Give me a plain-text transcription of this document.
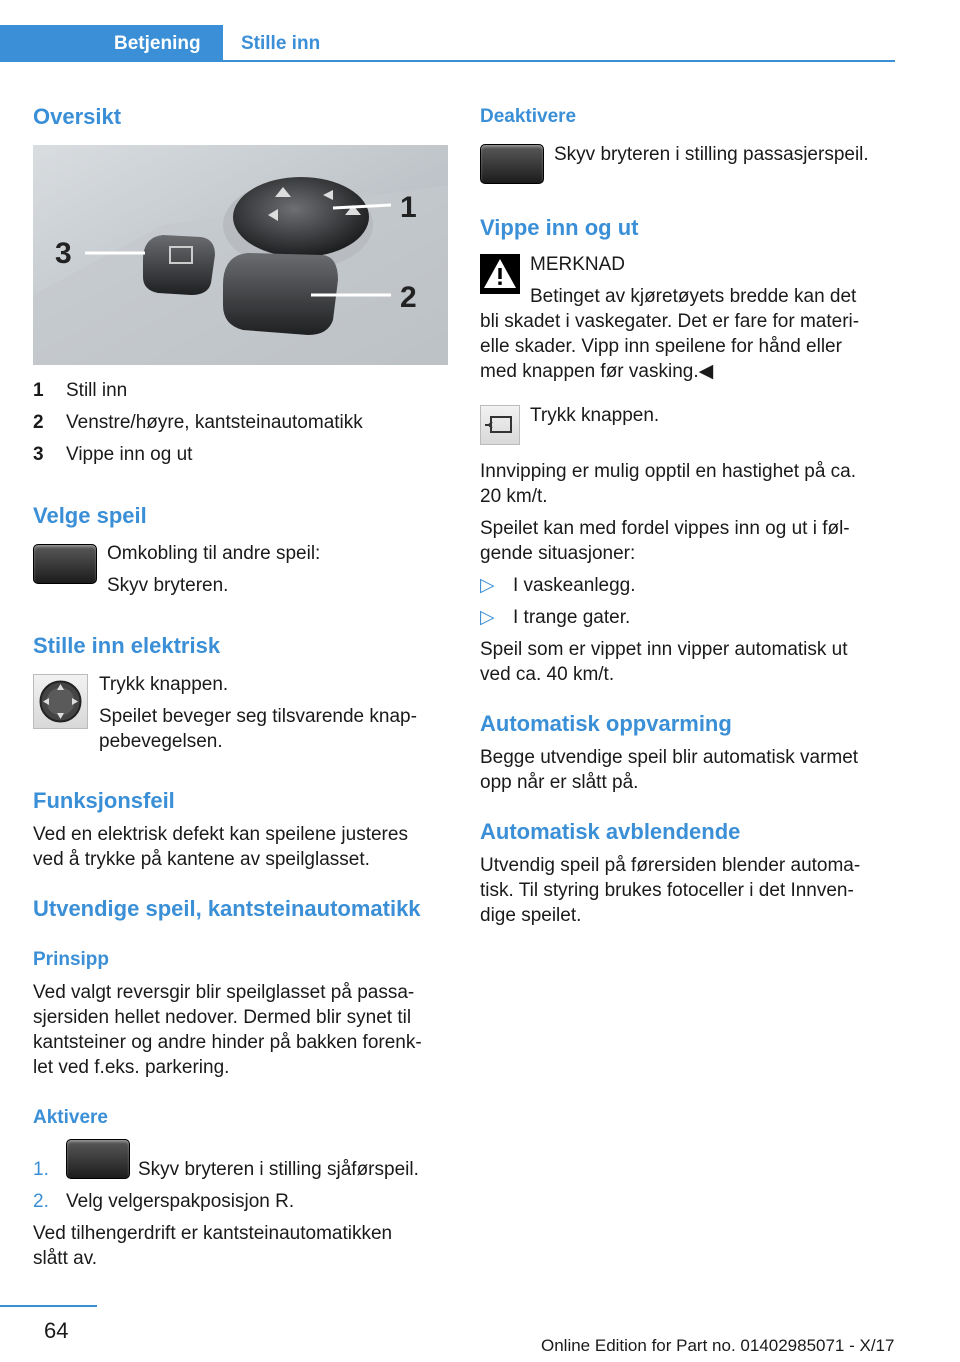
Betjening	Stille inn
Oversikt
3
1
2
1 Still inn
2 Venstre/høyre, kantsteinautomatikk
3 Vippe inn og ut
Velge speil
Omkobling til andre speil:
Skyv bryteren.
Stille inn elektrisk
Trykk knappen.
Speilet beveger seg tilsvarende knap‐
pebevegelsen.
Funksjonsfeil
Ved en elektrisk defekt kan speilene justeres
ved å trykke på kantene av speilglasset.
Utvendige speil, kantsteinautomatikk
Prinsipp
Ved valgt reversgir blir speilglasset på passa‐
sjersiden hellet nedover. Dermed blir synet til
kantsteiner og andre hinder på bakken forenk‐
let ved f.eks. parkering.
Aktivere
1.	Skyv bryteren i stilling sjåførspeil.
2. Velg velgerspakposisjon R.
Ved tilhengerdrift er kantsteinautomatikken
slått av.
Deaktivere
Skyv bryteren i stilling passasjerspeil.
Vippe inn og ut
MERKNAD
Betinget av kjøretøyets bredde kan det
bli skadet i vaskegater. Det er fare for materi‐
elle skader. Vipp inn speilene for hånd eller
med knappen før vasking.◀
Trykk knappen.
Innvipping er mulig opptil en hastighet på ca.
20 km/t.
Speilet kan med fordel vippes inn og ut i føl‐
gende situasjoner:
▷ I vaskeanlegg.
▷ I trange gater.
Speil som er vippet inn vipper automatisk ut
ved ca. 40 km/t.
Automatisk oppvarming
Begge utvendige speil blir automatisk varmet
opp når er slått på.
Automatisk avblendende
Utvendig speil på førersiden blender automa‐
tisk. Til styring brukes fotoceller i det Innven‐
dige speilet.
64
Online Edition for Part no. 01402985071 - X/17
